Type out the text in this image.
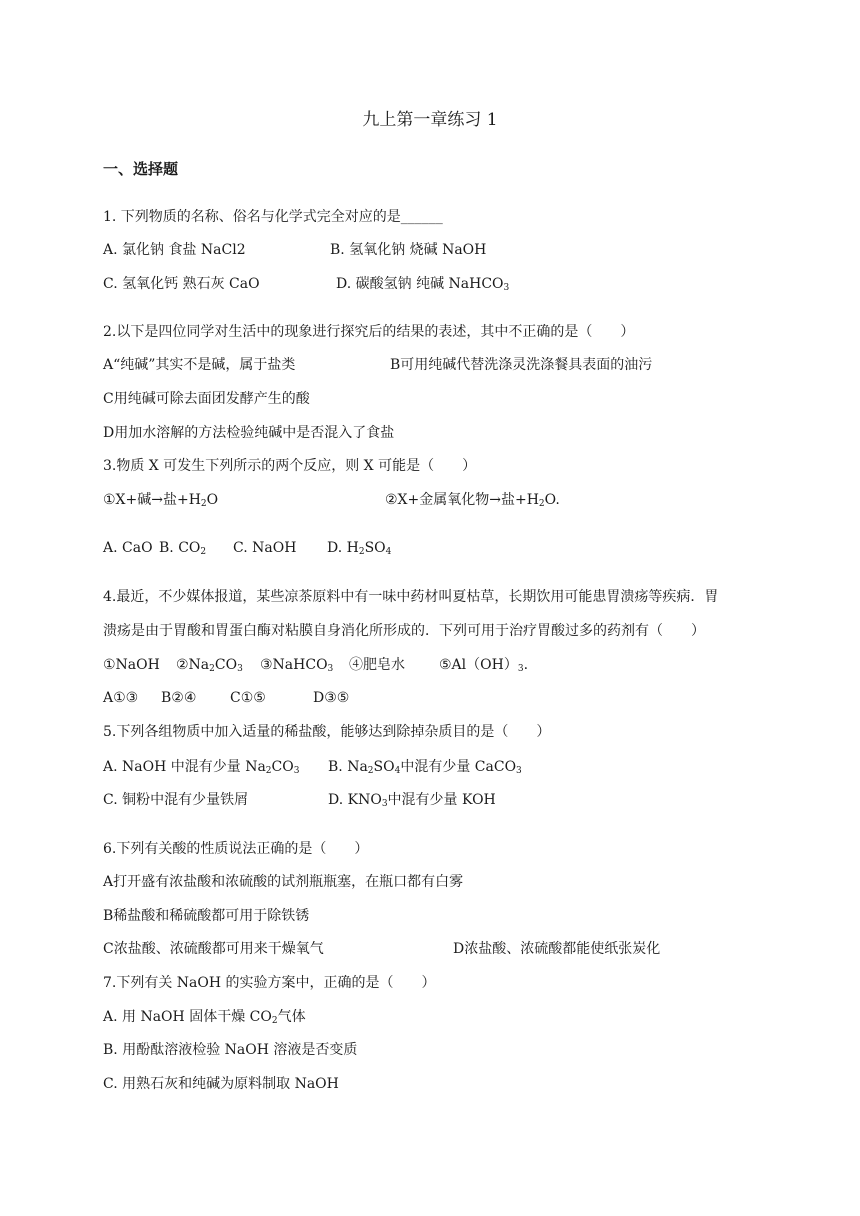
九上第一章练习 1
一、选择题
1. 下列物质的名称、俗名与化学式完全对应的是______
A. 氯化钠 食盐 NaCl2	B. 氢氧化钠 烧碱 NaOH
C. 氢氧化钙 熟石灰 CaO	D. 碳酸氢钠 纯碱 NaHCO$_3$
2.以下是四位同学对生活中的现象进行探究后的结果的表述，其中不正确的是（　　）
A“纯碱”其实不是碱，属于盐类	B可用纯碱代替洗涤灵洗涤餐具表面的油污
C用纯碱可除去面团发酵产生的酸
D用加水溶解的方法检验纯碱中是否混入了食盐
3.物质 X 可发生下列所示的两个反应，则 X 可能是（　　）
①X+碱→盐$+H_2O$	②X+金属氧化物→盐$+H_2O$.
A. CaO B. $CO_2$ C. NaOH D. $H_2SO_4$
4.最近，不少媒体报道，某些凉茶原料中有一味中药材叫夏枯草，长期饮用可能患胃溃疡等疾病．胃
溃疡是由于胃酸和胃蛋白酶对粘膜自身消化所形成的．下列可用于治疗胃酸过多的药剂有（　　）
①NaOH $②Na_2CO_3$ ③NaHCO$_3$ ④肥皂水 $⑤Al(OH)_3$.
A①③ B②④ C①⑤	D③⑤
5.下列各组物质中加入适量的稀盐酸，能够达到除掉杂质目的是（　　）
A. NaOH 中混有少量 $Na_2CO_3$ B. $Na_2SO_4$中混有少量 CaCO$_3$
C. 铜粉中混有少量铁屑	D. $KNO_3$中混有少量 KOH
6.下列有关酸的性质说法正确的是（　　）
A打开盛有浓盐酸和浓硫酸的试剂瓶瓶塞，在瓶口都有白雾
B稀盐酸和稀硫酸都可用于除铁锈
C浓盐酸、浓硫酸都可用来干燥氧气	D浓盐酸、浓硫酸都能使纸张炭化
7.下列有关 NaOH 的实验方案中，正确的是（　　）
A. 用 NaOH 固体干燥 $CO_2$气体
B. 用酚酞溶液检验 NaOH 溶液是否变质
C. 用熟石灰和纯碱为原料制取 NaOH
